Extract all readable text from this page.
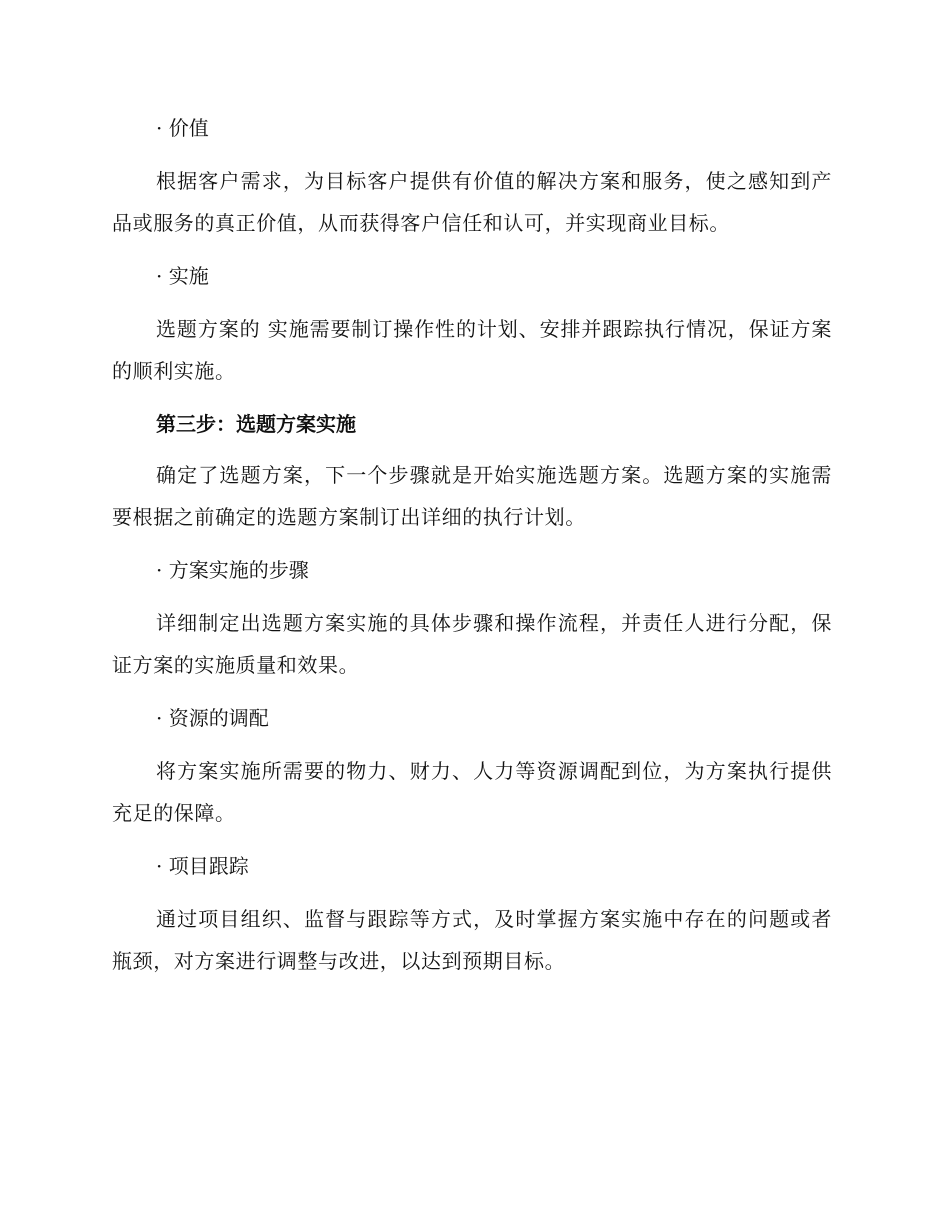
· 价值

根据客户需求，为目标客户提供有价值的解决方案和服务，使之感知到产品或服务的真正价值，从而获得客户信任和认可，并实现商业目标。

· 实施

选题方案的 实施需要制订操作性的计划、安排并跟踪执行情况，保证方案的顺利实施。

第三步：选题方案实施

确定了选题方案，下一个步骤就是开始实施选题方案。选题方案的实施需要根据之前确定的选题方案制订出详细的执行计划。

· 方案实施的步骤

详细制定出选题方案实施的具体步骤和操作流程，并责任人进行分配，保证方案的实施质量和效果。

· 资源的调配

将方案实施所需要的物力、财力、人力等资源调配到位，为方案执行提供充足的保障。

· 项目跟踪

通过项目组织、监督与跟踪等方式，及时掌握方案实施中存在的问题或者瓶颈，对方案进行调整与改进，以达到预期目标。
